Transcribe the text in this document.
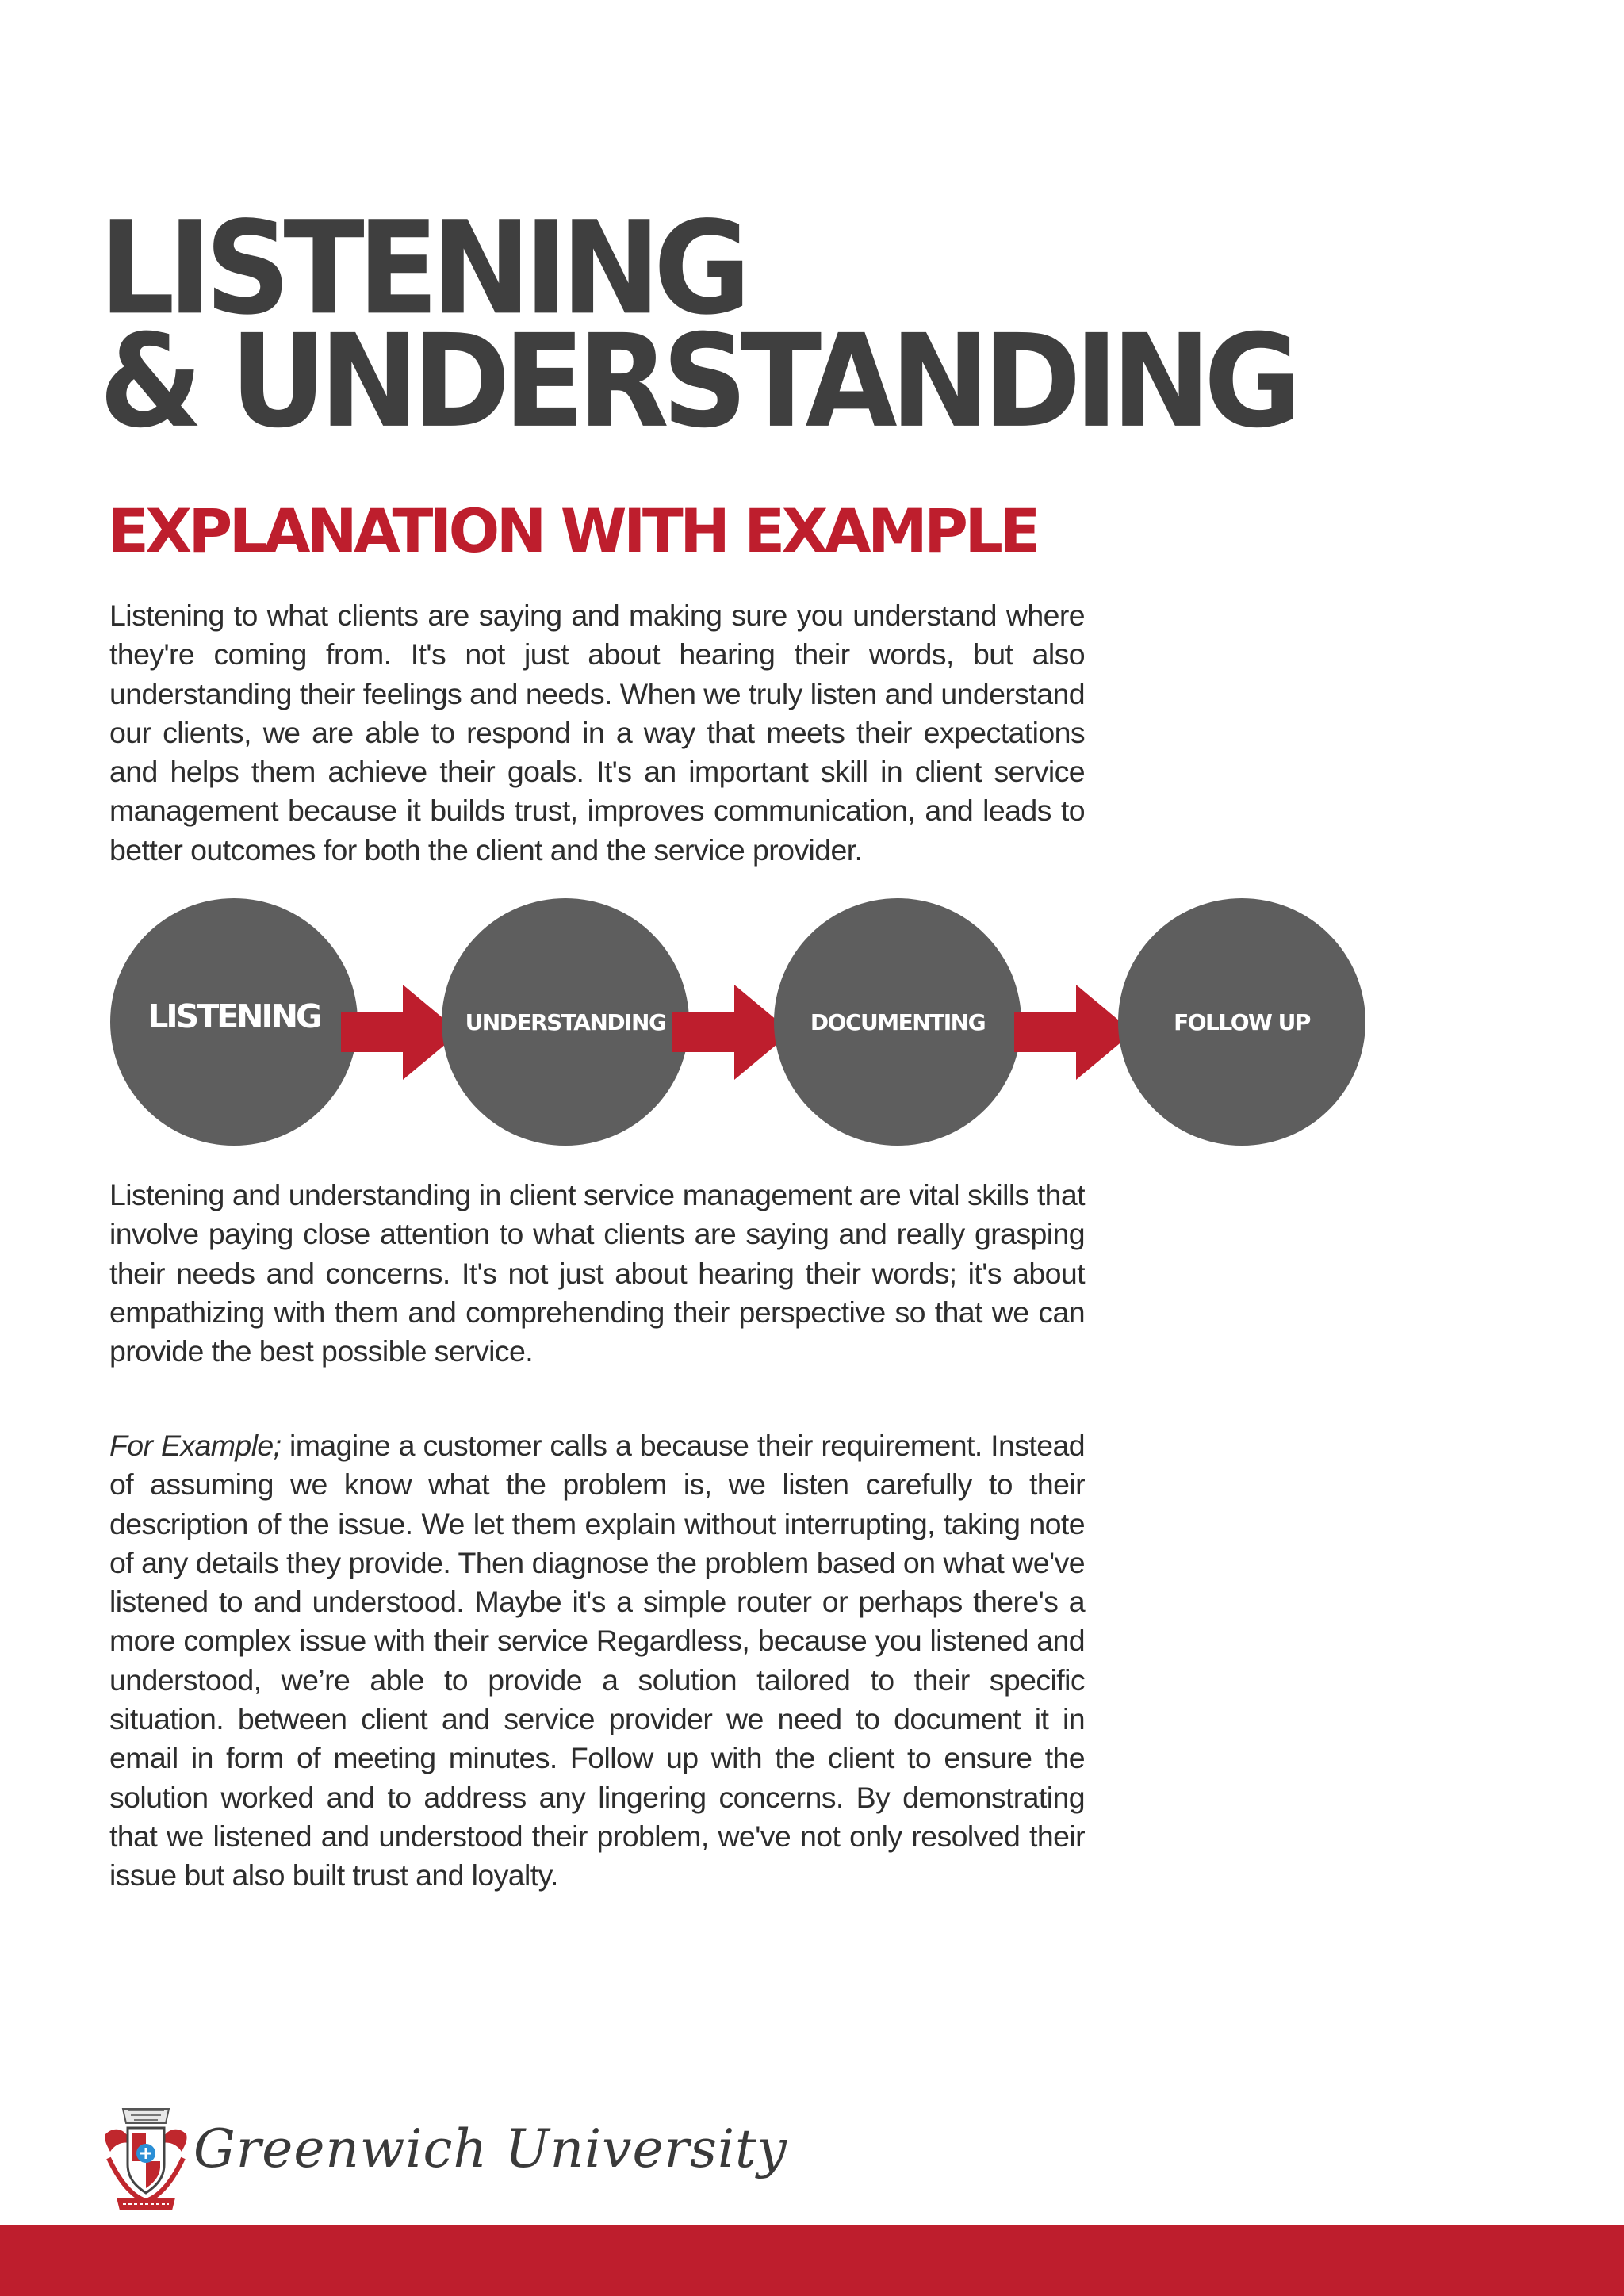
LISTENING
& UNDERSTANDING
EXPLANATION WITH EXAMPLE

Listening to what clients are saying and making sure you understand where they're coming from. It's not just about hearing their words, but also understanding their feelings and needs. When we truly listen and understand our clients, we are able to respond in a way that meets their expectations and helps them achieve their goals. It's an important skill in client service management because it builds trust, improves communication, and leads to better outcomes for both the client and the service provider.

LISTENING	UNDERSTANDING	DOCUMENTING	FOLLOW UP

Listening and understanding in client service management are vital skills that involve paying close attention to what clients are saying and really grasping their needs and concerns. It's not just about hearing their words; it's about empathizing with them and comprehending their perspective so that we can provide the best possible service.

For Example; imagine a customer calls a because their requirement. Instead of assuming we know what the problem is, we listen carefully to their description of the issue. We let them explain without interrupting, taking note of any details they provide. Then diagnose the problem based on what we've listened to and understood. Maybe it's a simple router or perhaps there's a more complex issue with their service Regardless, because you listened and understood, we’re able to provide a solution tailored to their specific situation. between client and service provider we need to document it in email in form of meeting minutes. Follow up with the client to ensure the solution worked and to address any lingering concerns. By demonstrating that we listened and understood their problem, we've not only resolved their issue but also built trust and loyalty.

Greenwich University
